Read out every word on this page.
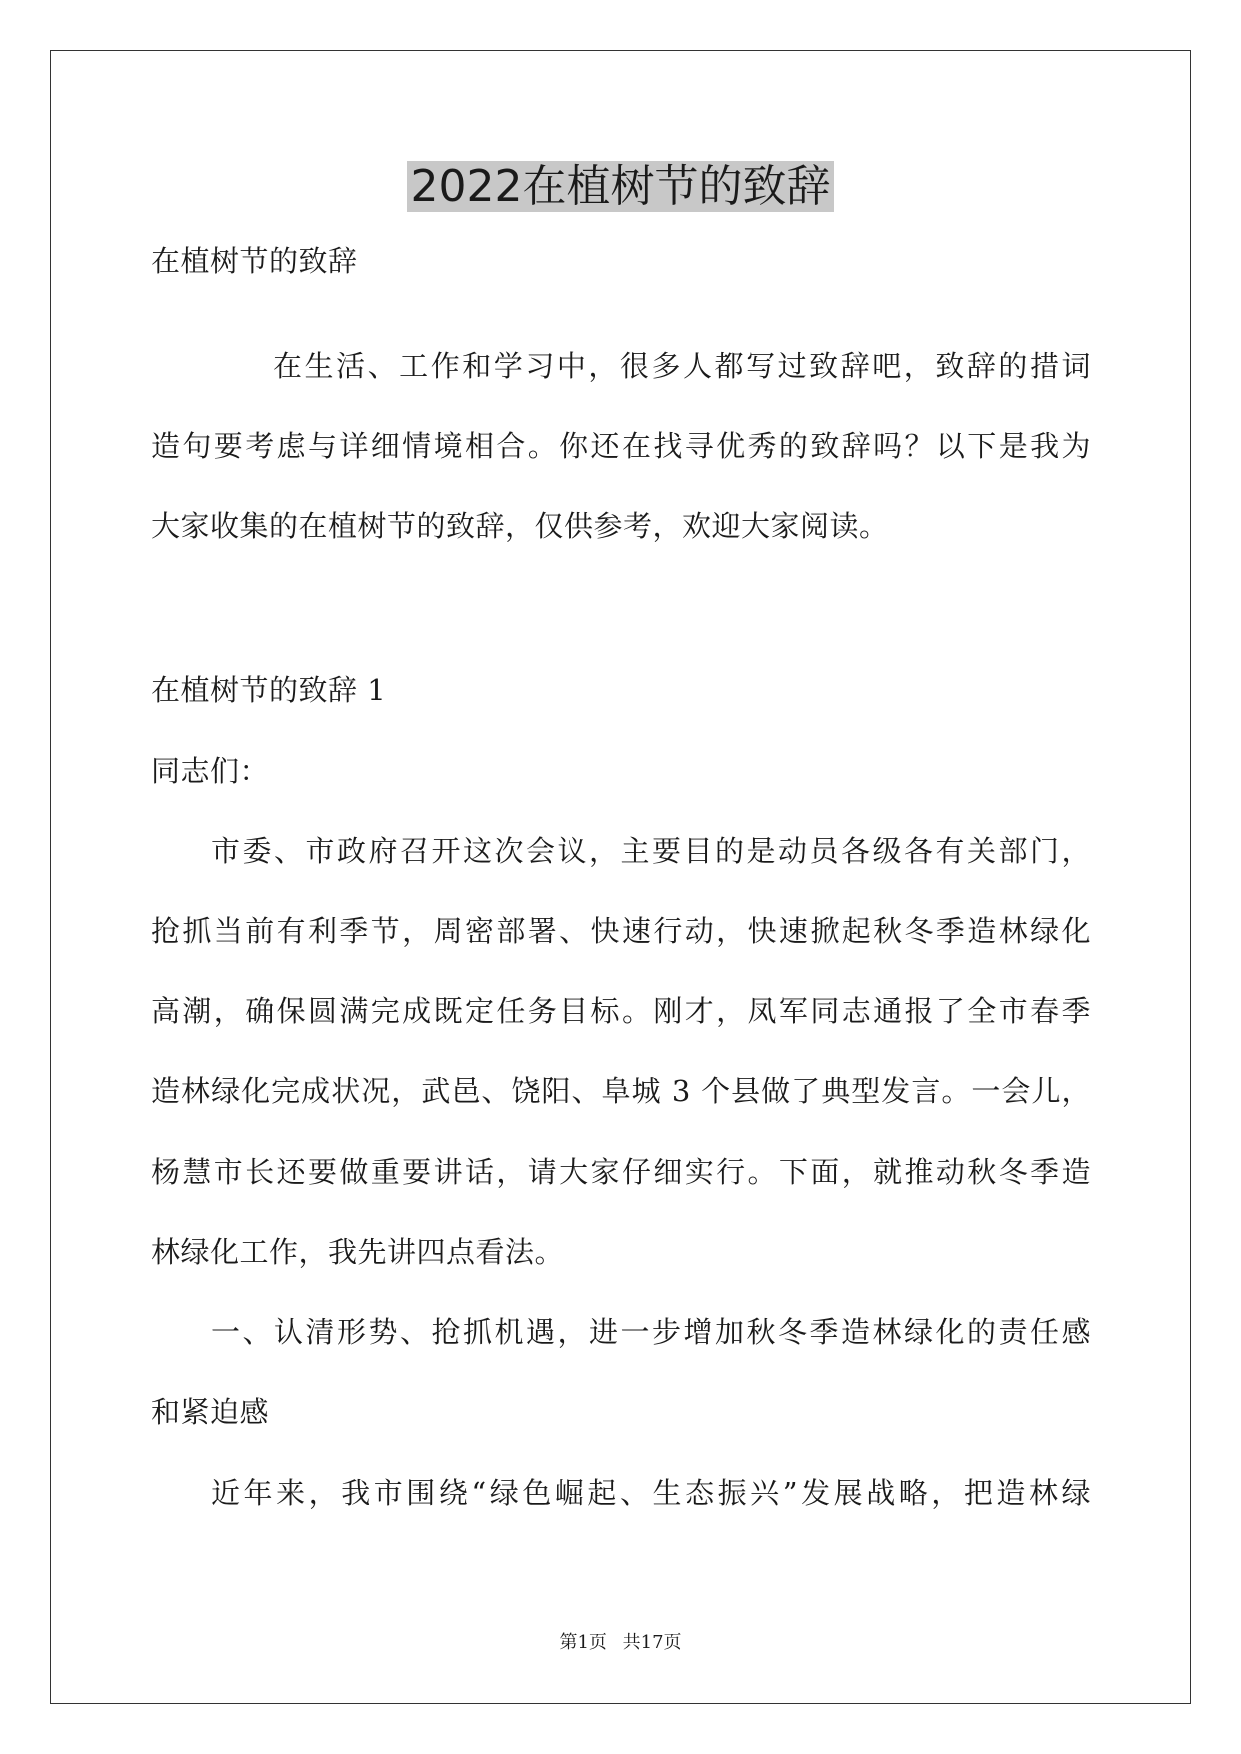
2022在植树节的致辞
在植树节的致辞
在生活、工作和学习中，很多人都写过致辞吧，致辞的措词
造句要考虑与详细情境相合。你还在找寻优秀的致辞吗？以下是我为
大家收集的在植树节的致辞，仅供参考，欢迎大家阅读。
在植树节的致辞 1
同志们：
市委、市政府召开这次会议，主要目的是动员各级各有关部门，
抢抓当前有利季节，周密部署、快速行动，快速掀起秋冬季造林绿化
高潮，确保圆满完成既定任务目标。刚才，凤军同志通报了全市春季
造林绿化完成状况，武邑、饶阳、阜城 3 个县做了典型发言。一会儿，
杨慧市长还要做重要讲话，请大家仔细实行。下面，就推动秋冬季造
林绿化工作，我先讲四点看法。
一、认清形势、抢抓机遇，进一步增加秋冬季造林绿化的责任感
和紧迫感
近年来，我市围绕“绿色崛起、生态振兴”发展战略，把造林绿
第1页 共17页
